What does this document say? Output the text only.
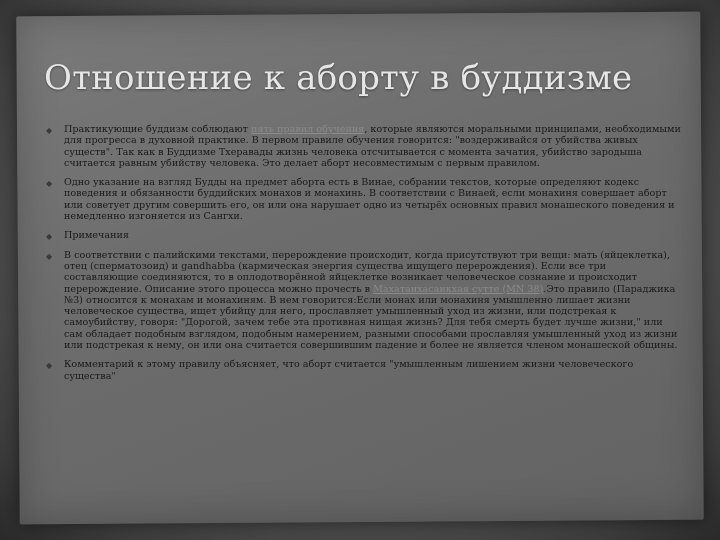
Отношение к аборту в буддизме
◆ Практикующие буддизм соблюдают пять правил обучения, которые являются моральными принципами, необходимыми для прогресса в духовной практике. В первом правиле обучения говорится: "воздерживайся от убийства живых существ". Так как в Буддизме Тхеравады жизнь человека отсчитывается с момента зачатия, убийство зародыша считается равным убийству человека. Это делает аборт несовместимым с первым правилом.
◆ Одно указание на взгляд Будды на предмет аборта есть в Винае, собрании текстов, которые определяют кодекс поведения и обязанности буддийских монахов и монахинь. В соответствии с Винаей, если монахиня совершает аборт или советует другим совершить его, он или она нарушает одно из четырёх основных правил монашеского поведения и немедленно изгоняется из Сангхи.
◆ Примечания
◆ В соответствии с палийскими текстами, перерождение происходит, когда присутствуют три вещи: мать (яйцеклетка), отец (сперматозоид) и gandhabba (кармическая энергия существа ищущего перерождения). Если все три составляющие соединяются, то в оплодотворённой яйцеклетке возникает человеческое сознание и происходит перерождение. Описание этого процесса можно прочесть в Махатанхасанкхая сутте (MN 38).Это правило (Параджика №3) относится к монахам и монахиням. В нем говорится:Если монах или монахиня умышленно лишает жизни человеческое существа, ищет убийцу для него, прославляет умышленный уход из жизни, или подстрекая к самоубийству, говоря: "Дорогой, зачем тебе эта противная нищая жизнь? Для тебя смерть будет лучше жизни," или сам обладает подобным взглядом, подобным намерением, разными способами прославляя умышленный уход из жизни или подстрекая к нему, он или она считается совершившим падение и более не является членом монашеской общины.
◆ Комментарий к этому правилу объясняет, что аборт считается "умышленным лишением жизни человеческого существа"
